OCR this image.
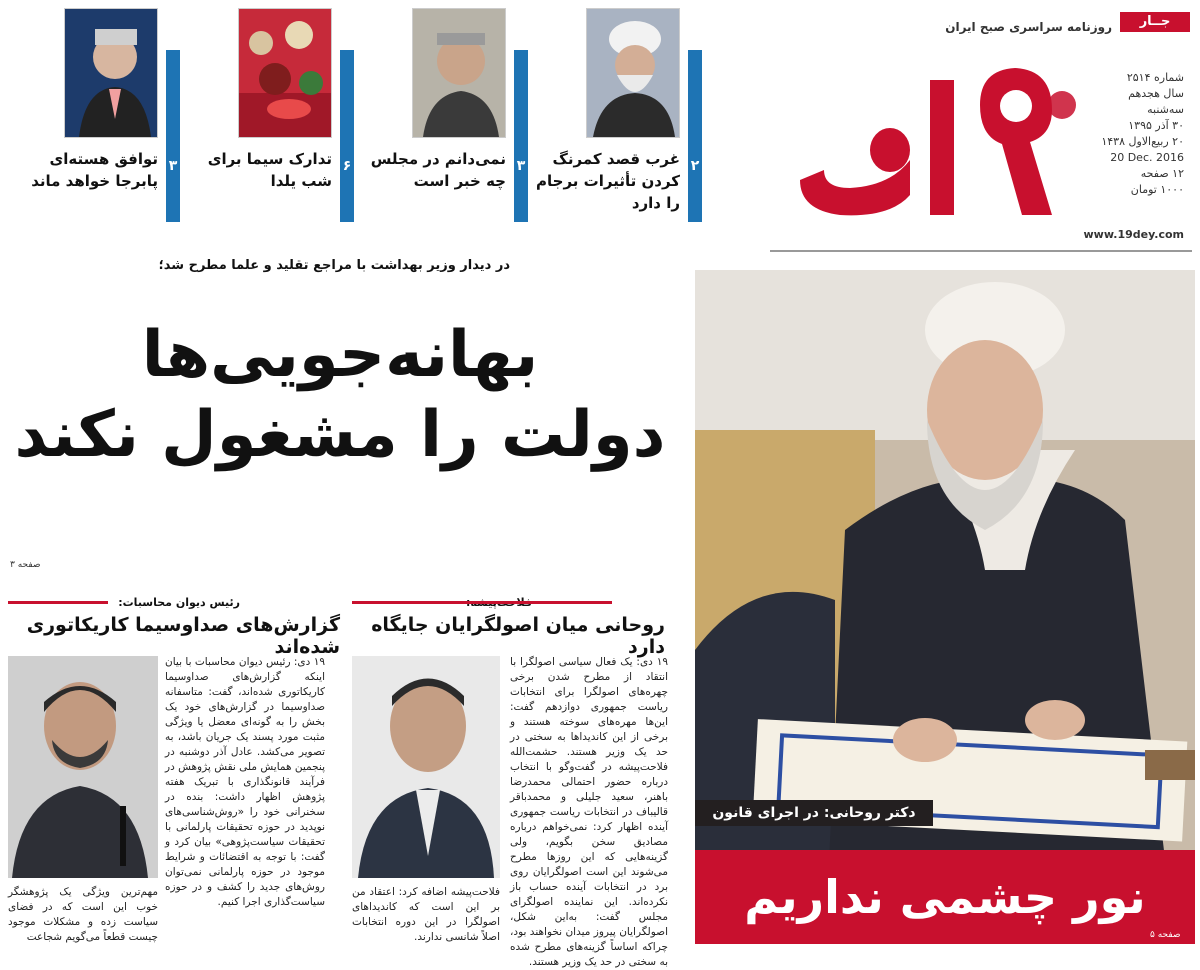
۳
توافق هسته‌ای پابرجا خواهد ماند
۶
تدارک سیما برای شب یلدا
۳
نمی‌دانم در مجلس چه خبر است
۲
غرب قصد کمرنگ کردن تأثیرات برجام را دارد
جــار
روزنامه سراسری صبح ایران
شماره ۲۵۱۴
سال هجدهم
سه‌شنبه
۳۰ آذر ۱۳۹۵
۲۰ ربیع‌الاول ۱۴۳۸
20 Dec. 2016
۱۲ صفحه
۱۰۰۰ تومان
www.19dey.com
در دیدار وزیر بهداشت با مراجع تقلید و علما مطرح شد؛
بهانه‌جویی‌ها
دولت را مشغول نکند
صفحه ۳
دکتر روحانی: در اجرای قانون
نور چشمی نداریم
صفحه ۵
روحانی میان اصولگرایان جایگاه دارد
۱۹ دی: یک فعال سیاسی اصولگرا با انتقاد از مطرح شدن برخی چهره‌های اصولگرا برای انتخابات ریاست جمهوری دوازدهم گفت: این‌ها مهره‌های سوخته هستند و برخی از این کاندیداها به سختی در حد یک وزیر هستند. حشمت‌الله فلاحت‌پیشه در گفت‌وگو با انتخاب درباره حضور احتمالی محمدرضا باهنر، سعید جلیلی و محمدباقر قالیباف در انتخابات ریاست جمهوری آینده اظهار کرد: نمی‌خواهم درباره مصادیق سخن بگویم، ولی گزینه‌هایی که این روزها مطرح می‌شوند این است اصولگرایان روی برد در انتخابات آینده حساب باز نکرده‌اند. این نماینده اصولگرای مجلس گفت: به‌این شکل، اصولگرایان پیروز میدان نخواهند بود، چراکه اساساً گزینه‌های مطرح شده به سختی در حد یک وزیر هستند.
فلاحت‌پیشه اضافه کرد: اعتقاد من بر این است که کاندیداهای اصولگرا در این دوره انتخابات اصلاً شانسی ندارند.
رئیس دیوان محاسبات:
گزارش‌های صداوسیما کاریکاتوری شده‌اند
۱۹ دی: رئیس دیوان محاسبات با بیان اینکه گزارش‌های صداوسیما کاریکاتوری شده‌اند، گفت: متاسفانه صداوسیما در گزارش‌های خود یک بخش را به گونه‌ای معضل یا ویژگی مثبت مورد پسند یک جریان باشد، به تصویر می‌کشد. عادل آذر دوشنبه در پنجمین همایش ملی نقش پژوهش در فرآیند قانونگذاری با تبریک هفته پژوهش اظهار داشت: بنده در سخنرانی خود را «روش‌شناسی‌های نوپدید در حوزه تحقیقات پارلمانی با تحقیقات سیاست‌پژوهی» بیان کرد و گفت: با توجه به اقتضائات و شرایط موجود در حوزه پارلمانی نمی‌توان روش‌های جدید را کشف و در حوزه سیاست‌گذاری اجرا کنیم.
مهم‌ترین ویژگی یک پژوهشگر خوب این است که در فضای سیاست زده و مشکلات موجود چیست قطعاً می‌گویم شجاعت
